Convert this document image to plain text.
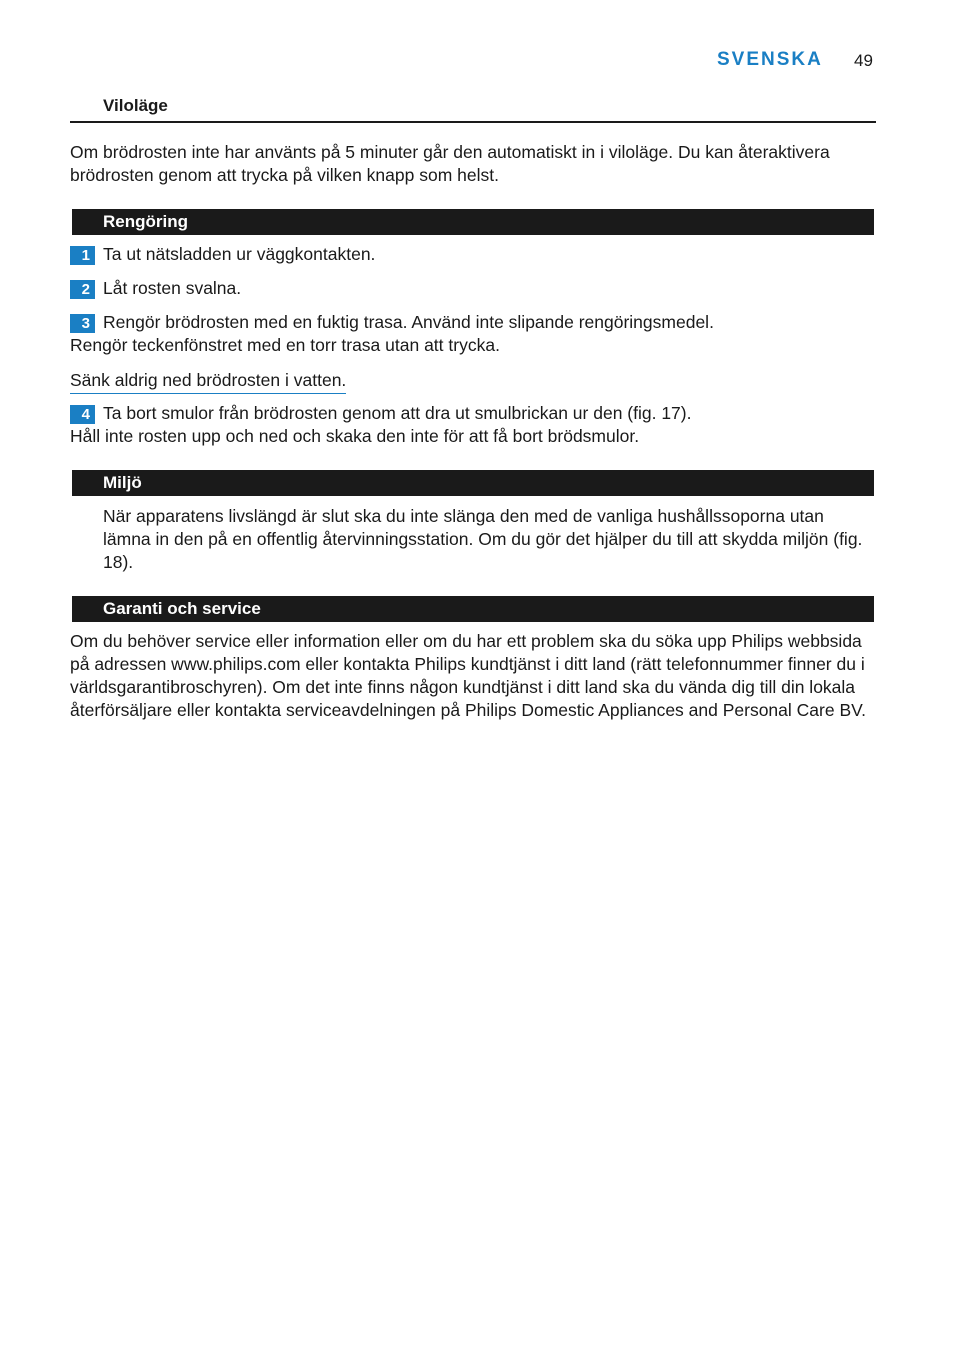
SVENSKA 49
Viloläge

Om brödrosten inte har använts på 5 minuter går den automatiskt in i viloläge. Du kan återaktivera brödrosten genom att trycka på vilken knapp som helst.

Rengöring
1 Ta ut nätsladden ur väggkontakten.

2 Låt rosten svalna.

3 Rengör brödrosten med en fuktig trasa. Använd inte slipande rengöringsmedel.

Rengör teckenfönstret med en torr trasa utan att trycka.

Sänk aldrig ned brödrosten i vatten.

4 Ta bort smulor från brödrosten genom att dra ut smulbrickan ur den (fig. 17).

Håll inte rosten upp och ned och skaka den inte för att få bort brödsmulor.

Miljö

När apparatens livslängd är slut ska du inte slänga den med de vanliga hushållssoporna utan lämna in den på en offentlig återvinningsstation. Om du gör det hjälper du till att skydda miljön (fig. 18).

Garanti och service

Om du behöver service eller information eller om du har ett problem ska du söka upp Philips webbsida på adressen www.philips.com eller kontakta Philips kundtjänst i ditt land (rätt telefonnummer finner du i världsgarantibroschyren). Om det inte finns någon kundtjänst i ditt land ska du vända dig till din lokala återförsäljare eller kontakta serviceavdelningen på Philips Domestic Appliances and Personal Care BV.
